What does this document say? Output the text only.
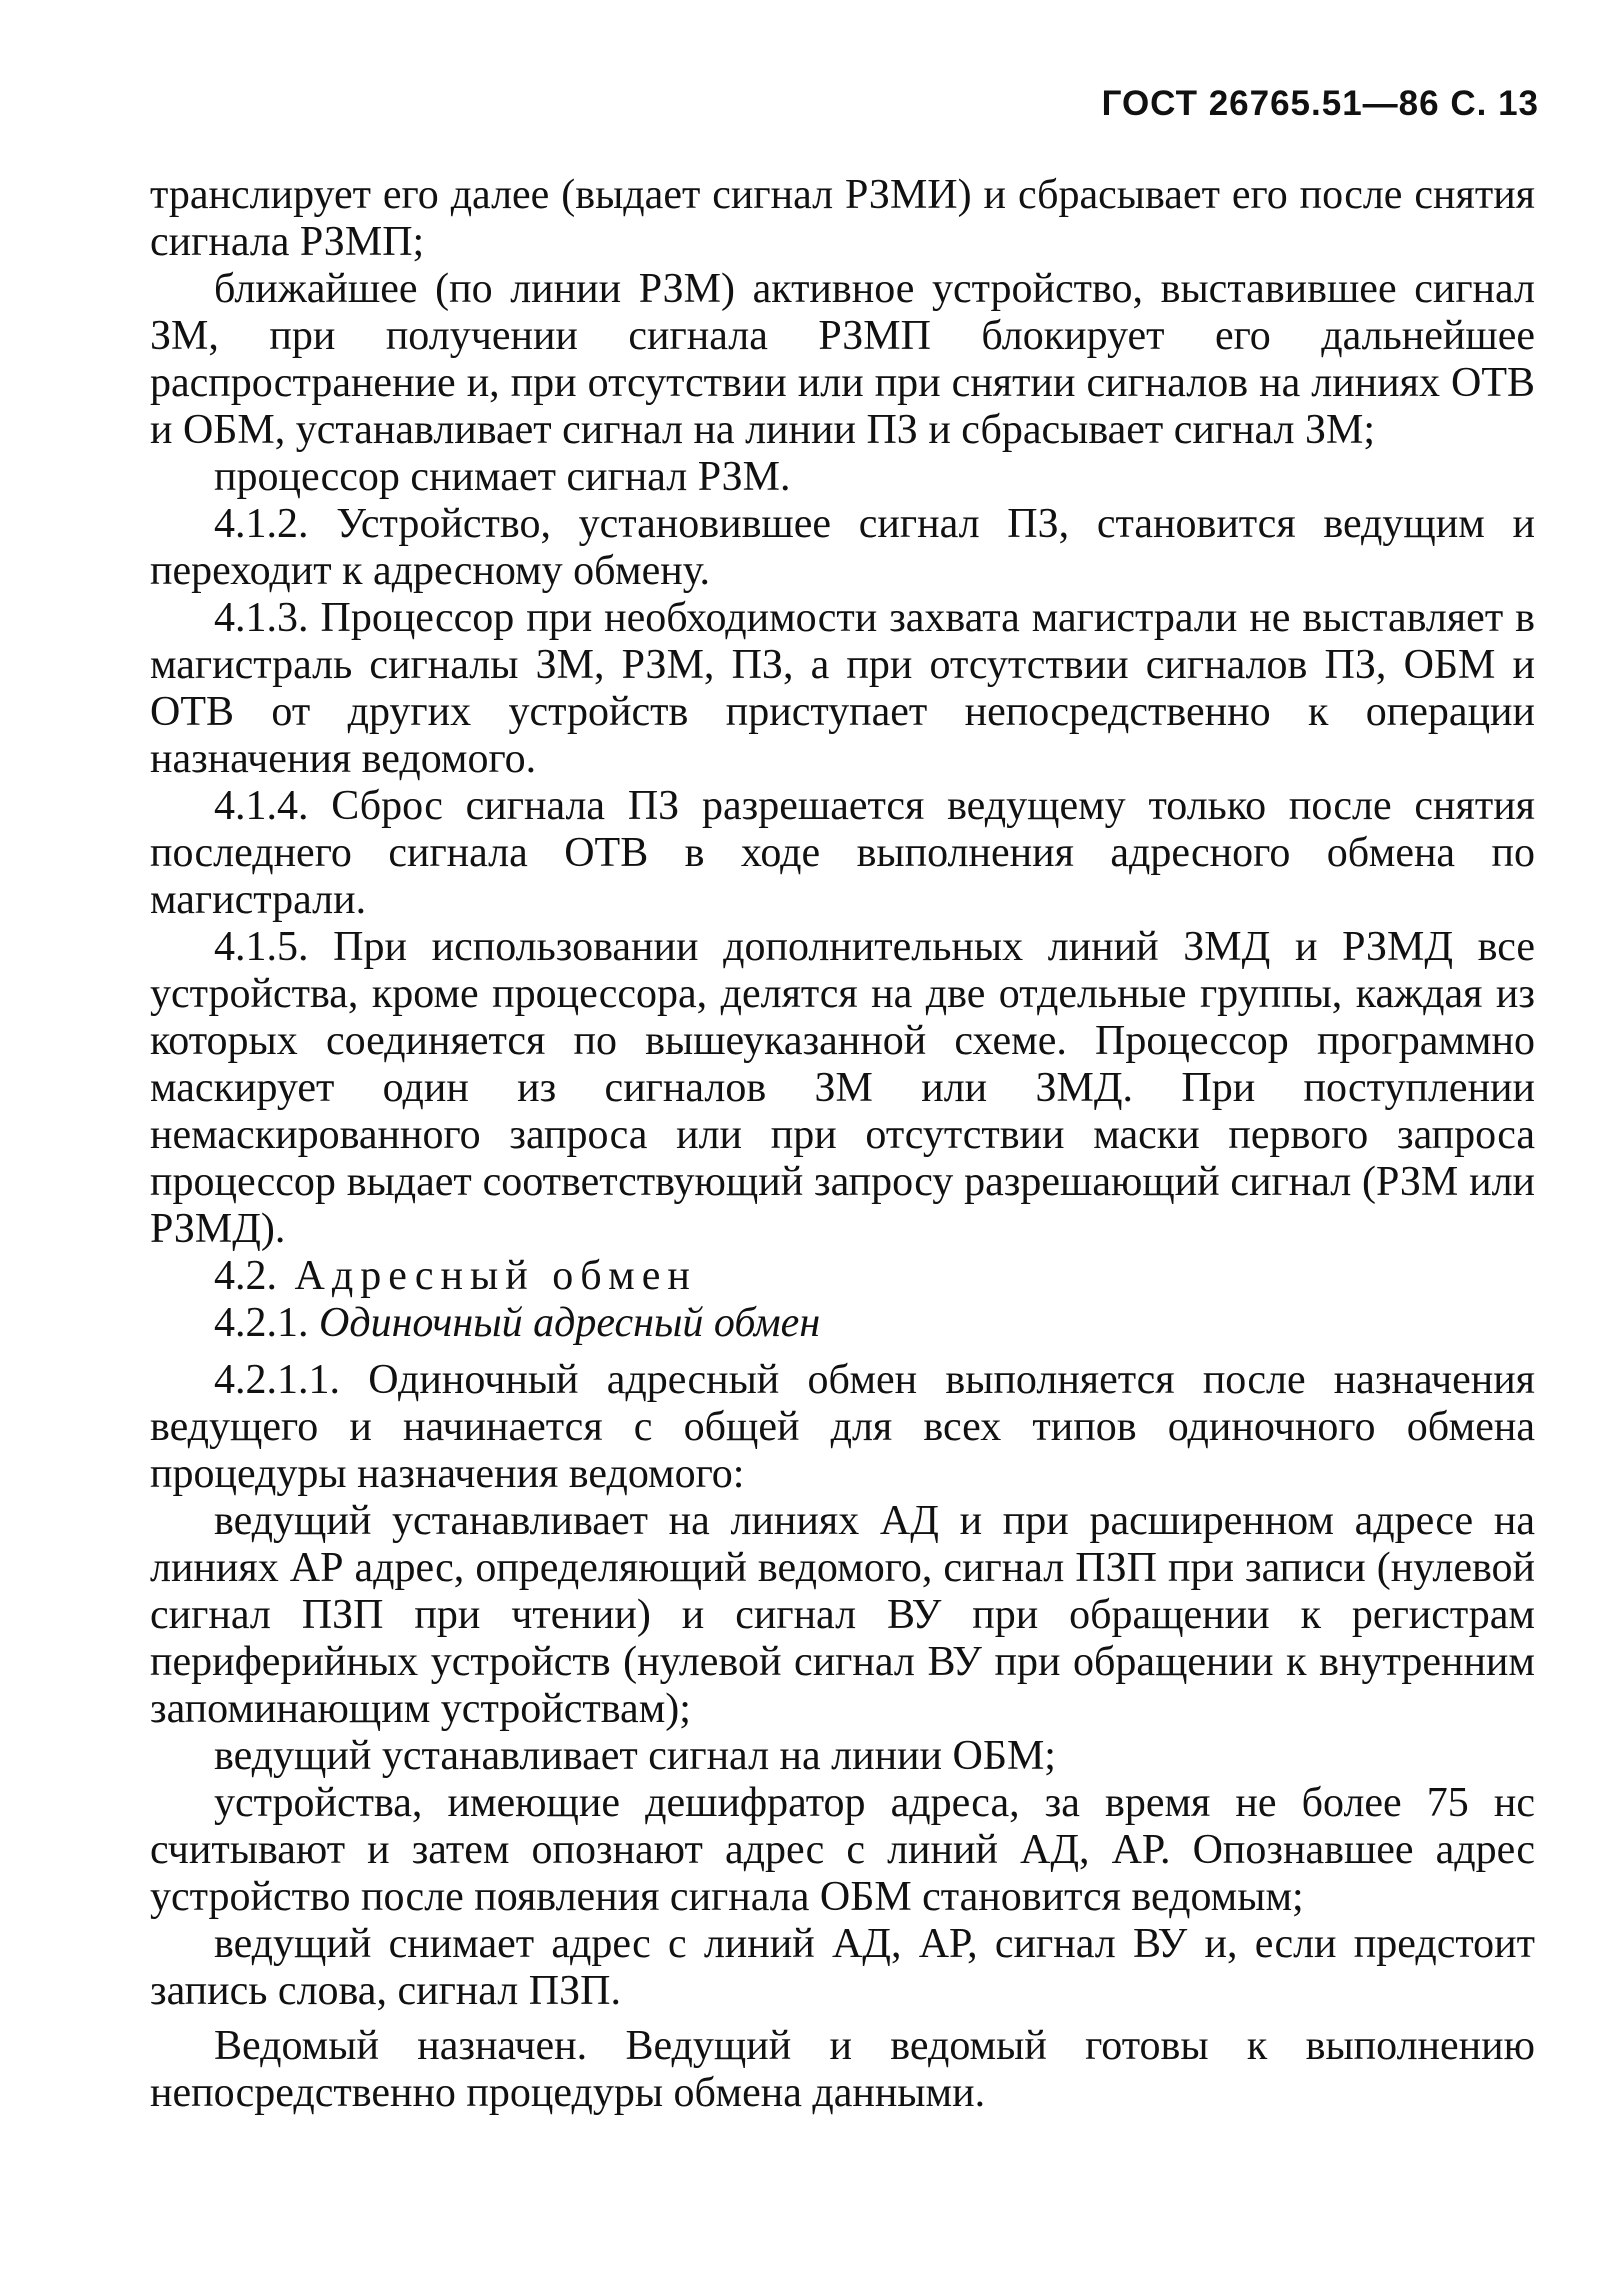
ГОСТ 26765.51—86 С. 13

транслирует его далее (выдает сигнал РЗМИ) и сбрасывает его после снятия сигнала РЗМП;

ближайшее (по линии РЗМ) активное устройство, выставившее сигнал ЗМ, при получении сигнала РЗМП блокирует его дальнейшее распространение и, при отсутствии или при снятии сигналов на линиях ОТВ и ОБМ, устанавливает сигнал на линии ПЗ и сбрасывает сигнал ЗМ;

процессор снимает сигнал РЗМ.

4.1.2. Устройство, установившее сигнал ПЗ, становится ведущим и переходит к адресному обмену.

4.1.3. Процессор при необходимости захвата магистрали не выставляет в магистраль сигналы ЗМ, РЗМ, ПЗ, а при отсутствии сигналов ПЗ, ОБМ и ОТВ от других устройств приступает непосредственно к операции назначения ведомого.

4.1.4. Сброс сигнала ПЗ разрешается ведущему только после снятия последнего сигнала ОТВ в ходе выполнения адресного обмена по магистрали.

4.1.5. При использовании дополнительных линий ЗМД и РЗМД все устройства, кроме процессора, делятся на две отдельные группы, каждая из которых соединяется по вышеуказанной схеме. Процессор программно маскирует один из сигналов ЗМ или ЗМД. При поступлении немаскированного запроса или при отсутствии маски первого запроса процессор выдает соответствующий запросу разрешающий сигнал (РЗМ или РЗМД).

4.2. Адресный обмен

4.2.1. Одиночный адресный обмен

4.2.1.1. Одиночный адресный обмен выполняется после назначения ведущего и начинается с общей для всех типов одиночного обмена процедуры назначения ведомого:

ведущий устанавливает на линиях АД и при расширенном адресе на линиях АР адрес, определяющий ведомого, сигнал ПЗП при записи (нулевой сигнал ПЗП при чтении) и сигнал ВУ при обращении к регистрам периферийных устройств (нулевой сигнал ВУ при обращении к внутренним запоминающим устройствам);

ведущий устанавливает сигнал на линии ОБМ;

устройства, имеющие дешифратор адреса, за время не более 75 нс считывают и затем опознают адрес с линий АД, АР. Опознавшее адрес устройство после появления сигнала ОБМ становится ведомым;

ведущий снимает адрес с линий АД, АР, сигнал ВУ и, если предстоит запись слова, сигнал ПЗП.

Ведомый назначен. Ведущий и ведомый готовы к выполнению непосредственно процедуры обмена данными.
